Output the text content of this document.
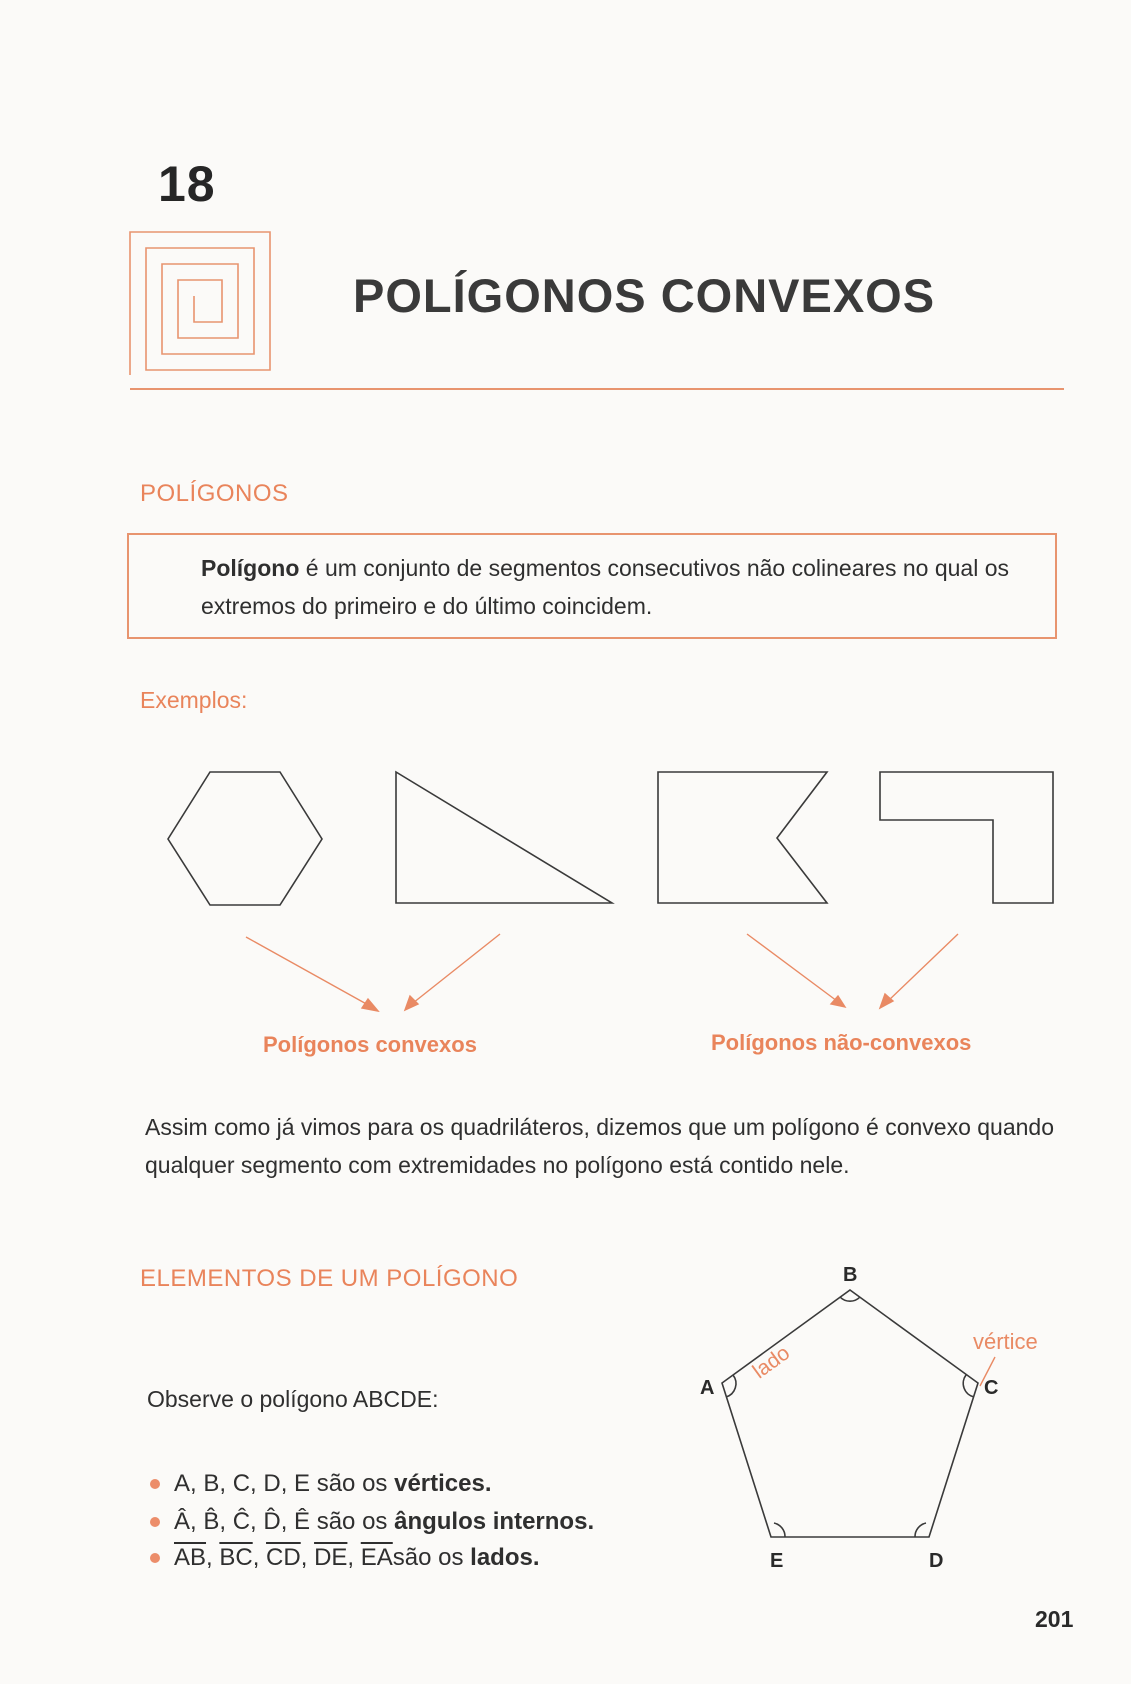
18
POLÍGONOS CONVEXOS
POLÍGONOS
Polígono é um conjunto de segmentos consecutivos não colineares no qual os extremos do primeiro e do último coincidem.
Exemplos:
Polígonos convexos	Polígonos não-convexos
Assim como já vimos para os quadriláteros, dizemos que um polígono é convexo quando qualquer segmento com extremidades no polígono está contido nele.
ELEMENTOS DE UM POLÍGONO
Observe o polígono ABCDE:
A, B, C, D, E são os
vértices.
Â, B̂, Ĉ, D̂, Ê são os
ângulos internos.
$\overline{AB}$ , $\overline{BC}$ , $\overline{CD}$ , $\overline{DE}$ , $\overline{EA}$ são os
lados.
B
A	C
E	D
lado	vértice
201
